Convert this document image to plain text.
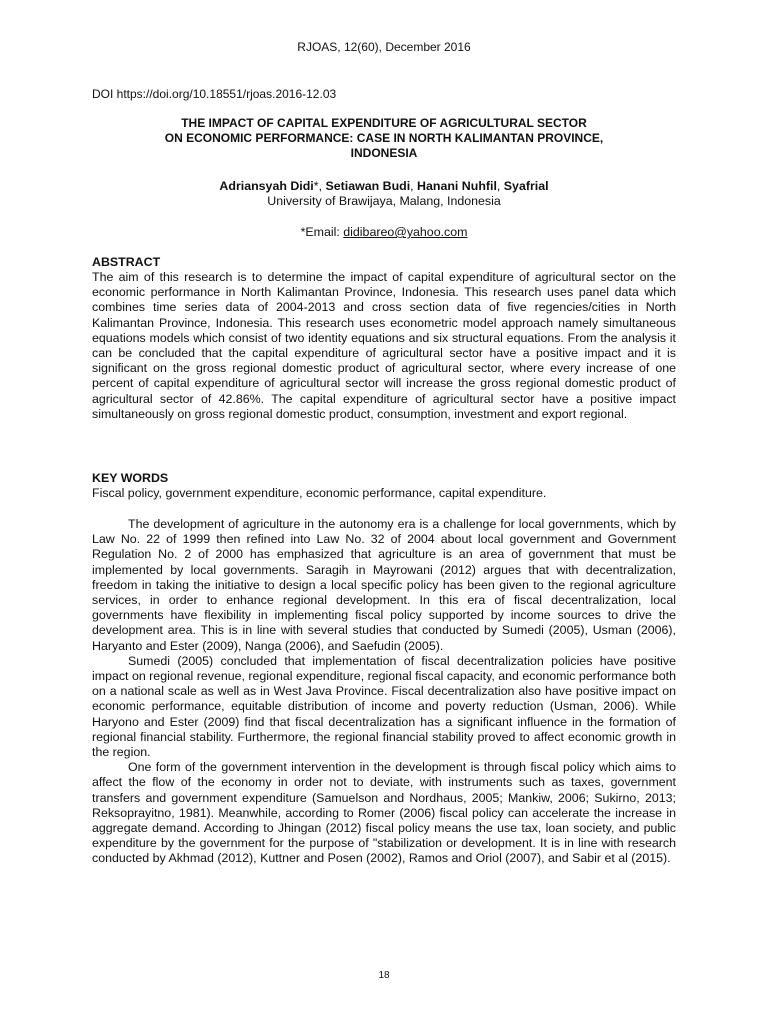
RJOAS, 12(60), December 2016
DOI https://doi.org/10.18551/rjoas.2016-12.03
THE IMPACT OF CAPITAL EXPENDITURE OF AGRICULTURAL SECTOR
ON ECONOMIC PERFORMANCE: CASE IN NORTH KALIMANTAN PROVINCE,
INDONESIA
Adriansyah Didi*, Setiawan Budi, Hanani Nuhfil, Syafrial
University of Brawijaya, Malang, Indonesia
*Email: didibareo@yahoo.com
ABSTRACT

The aim of this research is to determine the impact of capital expenditure of agricultural sector on the economic performance in North Kalimantan Province, Indonesia. This research uses panel data which combines time series data of 2004-2013 and cross section data of five regencies/cities in North Kalimantan Province, Indonesia. This research uses econometric model approach namely simultaneous equations models which consist of two identity equations and six structural equations. From the analysis it can be concluded that the capital expenditure of agricultural sector have a positive impact and it is significant on the gross regional domestic product of agricultural sector, where every increase of one percent of capital expenditure of agricultural sector will increase the gross regional domestic product of agricultural sector of 42.86%. The capital expenditure of agricultural sector have a positive impact simultaneously on gross regional domestic product, consumption, investment and export regional.

KEY WORDS

Fiscal policy, government expenditure, economic performance, capital expenditure.

The development of agriculture in the autonomy era is a challenge for local governments, which by Law No. 22 of 1999 then refined into Law No. 32 of 2004 about local government and Government Regulation No. 2 of 2000 has emphasized that agriculture is an area of government that must be implemented by local governments. Saragih in Mayrowani (2012) argues that with decentralization, freedom in taking the initiative to design a local specific policy has been given to the regional agriculture services, in order to enhance regional development. In this era of fiscal decentralization, local governments have flexibility in implementing fiscal policy supported by income sources to drive the development area. This is in line with several studies that conducted by Sumedi (2005), Usman (2006), Haryanto and Ester (2009), Nanga (2006), and Saefudin (2005).

Sumedi (2005) concluded that implementation of fiscal decentralization policies have positive impact on regional revenue, regional expenditure, regional fiscal capacity, and economic performance both on a national scale as well as in West Java Province. Fiscal decentralization also have positive impact on economic performance, equitable distribution of income and poverty reduction (Usman, 2006). While Haryono and Ester (2009) find that fiscal decentralization has a significant influence in the formation of regional financial stability. Furthermore, the regional financial stability proved to affect economic growth in the region.

One form of the government intervention in the development is through fiscal policy which aims to affect the flow of the economy in order not to deviate, with instruments such as taxes, government transfers and government expenditure (Samuelson and Nordhaus, 2005; Mankiw, 2006; Sukirno, 2013; Reksoprayitno, 1981). Meanwhile, according to Romer (2006) fiscal policy can accelerate the increase in aggregate demand. According to Jhingan (2012) fiscal policy means the use tax, loan society, and public expenditure by the government for the purpose of "stabilization or development. It is in line with research conducted by Akhmad (2012), Kuttner and Posen (2002), Ramos and Oriol (2007), and Sabir et al (2015).

18
